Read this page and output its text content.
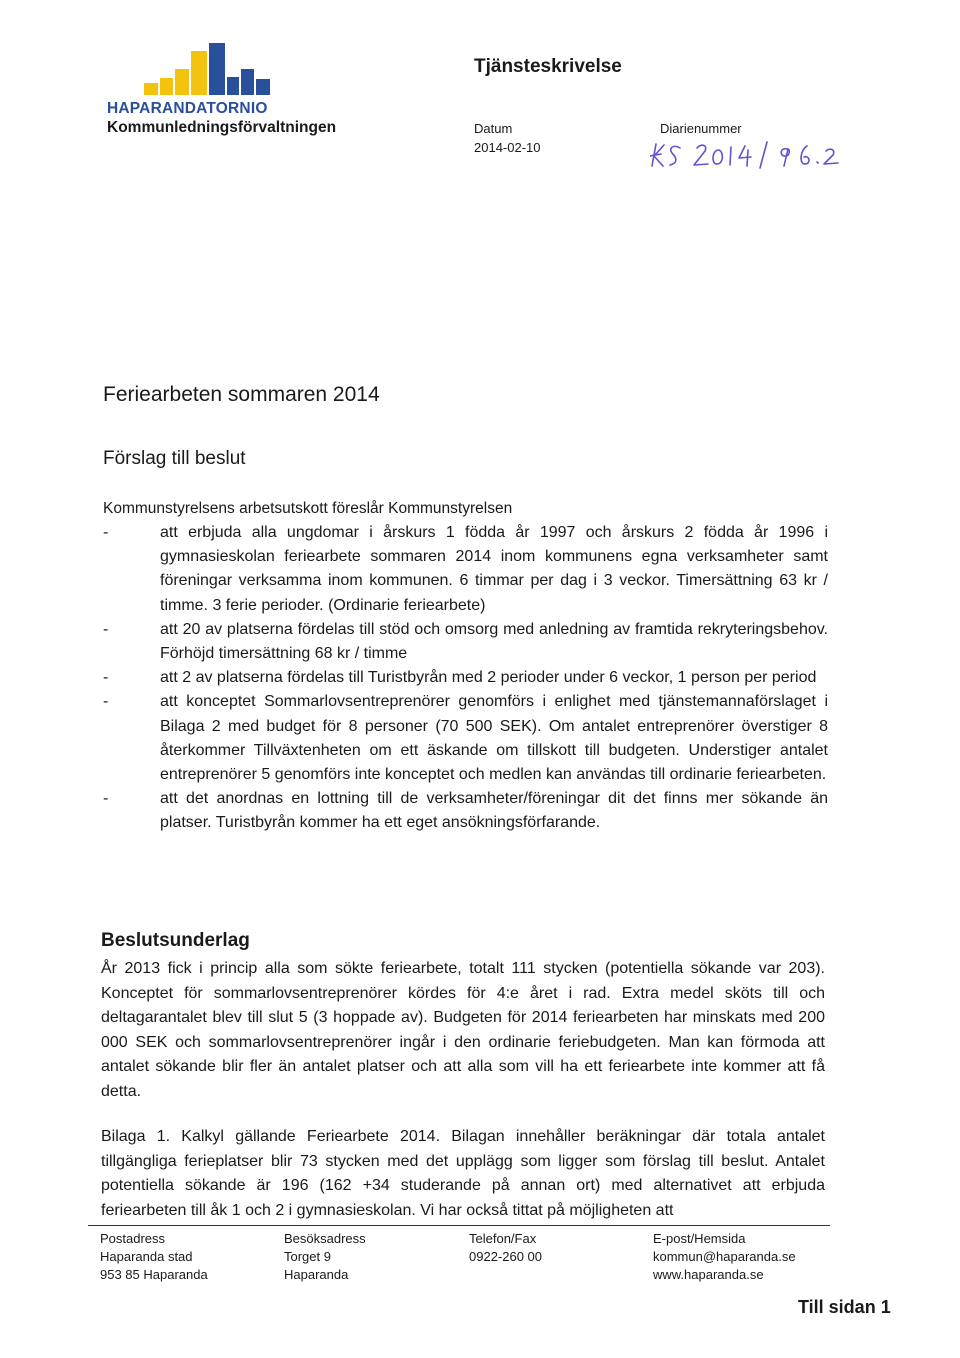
HAPARANDATORNIO
Kommunledningsförvaltningen
Tjänsteskrivelse
Datum
2014-02-10
Diarienummer
Feriearbeten sommaren 2014
Förslag till beslut
Kommunstyrelsens arbetsutskott föreslår Kommunstyrelsen
-	att erbjuda alla ungdomar i årskurs 1 födda år 1997 och årskurs 2 födda år 1996 i gymnasieskolan feriearbete sommaren 2014 inom kommunens egna verksamheter samt föreningar verksamma inom kommunen. 6 timmar per dag i 3 veckor. Timersättning 63 kr / timme. 3 ferie perioder. (Ordinarie feriearbete)
-	att 20 av platserna fördelas till stöd och omsorg med anledning av framtida rekryteringsbehov. Förhöjd timersättning 68 kr / timme
-	att 2 av platserna fördelas till Turistbyrån med 2 perioder under 6 veckor, 1 person per period
-	att konceptet Sommarlovsentreprenörer genomförs i enlighet med tjänstemannaförslaget i Bilaga 2 med budget för 8 personer (70 500 SEK). Om antalet entreprenörer överstiger 8 återkommer Tillväxtenheten om ett äskande om tillskott till budgeten. Understiger antalet entreprenörer 5 genomförs inte konceptet och medlen kan användas till ordinarie feriearbeten.
-	att det anordnas en lottning till de verksamheter/föreningar dit det finns mer sökande än platser. Turistbyrån kommer ha ett eget ansökningsförfarande.
Beslutsunderlag

År 2013 fick i princip alla som sökte feriearbete, totalt 111 stycken (potentiella sökande var 203). Konceptet för sommarlovsentreprenörer kördes för 4:e året i rad. Extra medel sköts till och deltagarantalet blev till slut 5 (3 hoppade av). Budgeten för 2014 feriearbeten har minskats med 200 000 SEK och sommarlovsentreprenörer ingår i den ordinarie feriebudgeten. Man kan förmoda att antalet sökande blir fler än antalet platser och att alla som vill ha ett feriearbete inte kommer att få detta.

Bilaga 1. Kalkyl gällande Feriearbete 2014. Bilagan innehåller beräkningar där totala antalet tillgängliga ferieplatser blir 73 stycken med det upplägg som ligger som förslag till beslut. Antalet potentiella sökande är 196 (162 +34 studerande på annan ort) med alternativet att erbjuda feriearbeten till åk 1 och 2 i gymnasieskolan. Vi har också tittat på möjligheten att

Postadress
Haparanda stad
953 85 Haparanda
Besöksadress
Torget 9
Haparanda
Telefon/Fax
0922-260 00
E-post/Hemsida
kommun@haparanda.se
www.haparanda.se
Till sidan 1
